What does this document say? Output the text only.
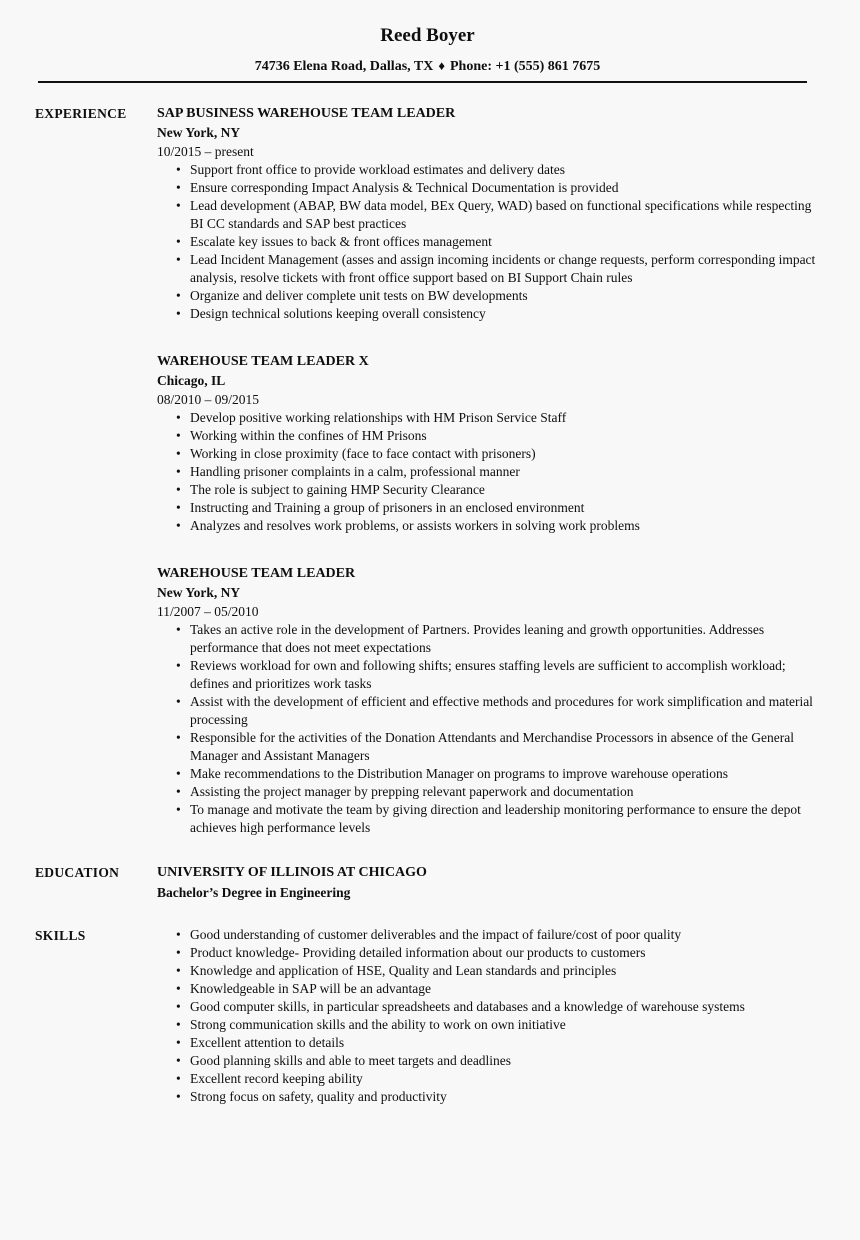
Reed Boyer
74736 Elena Road, Dallas, TX ♦ Phone: +1 (555) 861 7675
EXPERIENCE	SAP BUSINESS WAREHOUSE TEAM LEADER
New York, NY
10/2015 – present
• Support front office to provide workload estimates and delivery dates
• Ensure corresponding Impact Analysis & Technical Documentation is provided
• Lead development (ABAP, BW data model, BEx Query, WAD) based on functional specifications while respecting BI CC standards and SAP best practices
• Escalate key issues to back & front offices management
• Lead Incident Management (asses and assign incoming incidents or change requests, perform corresponding impact analysis, resolve tickets with front office support based on BI Support Chain rules
• Organize and deliver complete unit tests on BW developments
• Design technical solutions keeping overall consistency
WAREHOUSE TEAM LEADER X
Chicago, IL
08/2010 – 09/2015
• Develop positive working relationships with HM Prison Service Staff
• Working within the confines of HM Prisons
• Working in close proximity (face to face contact with prisoners)
• Handling prisoner complaints in a calm, professional manner
• The role is subject to gaining HMP Security Clearance
• Instructing and Training a group of prisoners in an enclosed environment
• Analyzes and resolves work problems, or assists workers in solving work problems
WAREHOUSE TEAM LEADER
New York, NY
11/2007 – 05/2010
• Takes an active role in the development of Partners. Provides leaning and growth opportunities. Addresses performance that does not meet expectations
• Reviews workload for own and following shifts; ensures staffing levels are sufficient to accomplish workload; defines and prioritizes work tasks
• Assist with the development of efficient and effective methods and procedures for work simplification and material processing
• Responsible for the activities of the Donation Attendants and Merchandise Processors in absence of the General Manager and Assistant Managers
• Make recommendations to the Distribution Manager on programs to improve warehouse operations
• Assisting the project manager by prepping relevant paperwork and documentation
• To manage and motivate the team by giving direction and leadership monitoring performance to ensure the depot achieves high performance levels
EDUCATION	UNIVERSITY OF ILLINOIS AT CHICAGO
Bachelor’s Degree in Engineering
SKILLS	• Good understanding of customer deliverables and the impact of failure/cost of poor quality
• Product knowledge- Providing detailed information about our products to customers
• Knowledge and application of HSE, Quality and Lean standards and principles
• Knowledgeable in SAP will be an advantage
• Good computer skills, in particular spreadsheets and databases and a knowledge of warehouse systems
• Strong communication skills and the ability to work on own initiative
• Excellent attention to details
• Good planning skills and able to meet targets and deadlines
• Excellent record keeping ability
• Strong focus on safety, quality and productivity
